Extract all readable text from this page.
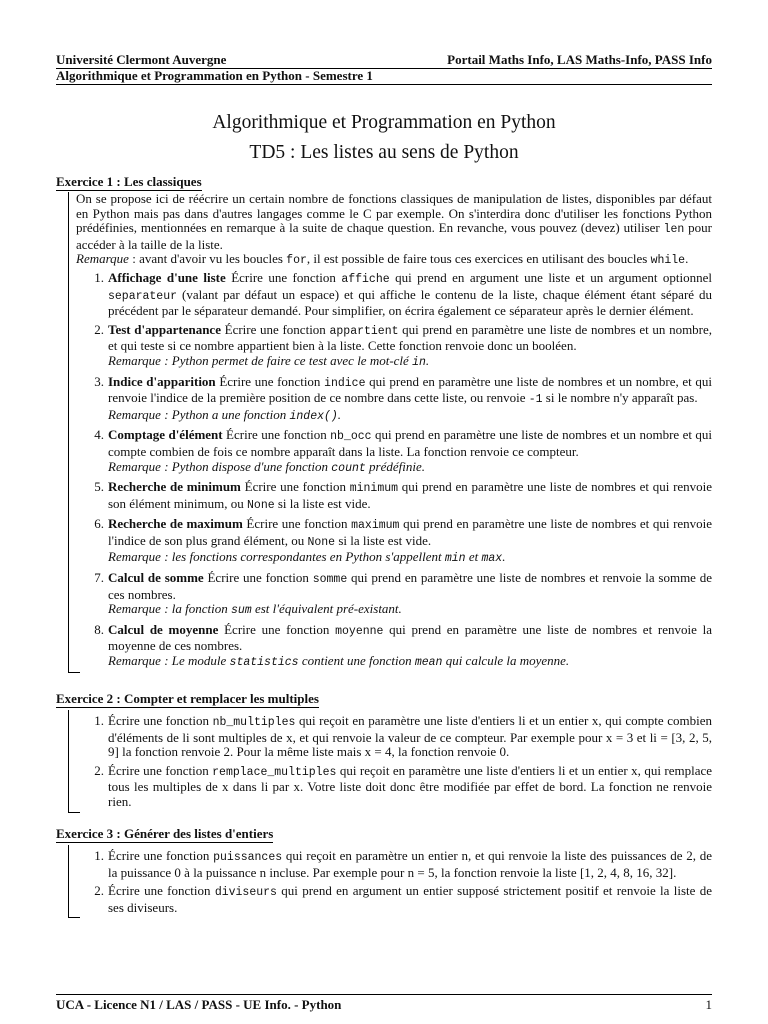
Université Clermont Auvergne	Portail Maths Info, LAS Maths-Info, PASS Info
Algorithmique et Programmation en Python - Semestre 1
Algorithmique et Programmation en Python
TD5 : Les listes au sens de Python
Exercice 1 : Les classiques
On se propose ici de réécrire un certain nombre de fonctions classiques de manipulation de listes, disponibles par défaut en Python mais pas dans d'autres langages comme le C par exemple. On s'interdira donc d'utiliser les fonctions Python prédéfinies, mentionnées en remarque à la suite de chaque question. En revanche, vous pouvez (devez) utiliser len pour accéder à la taille de la liste.
Remarque : avant d'avoir vu les boucles for, il est possible de faire tous ces exercices en utilisant des boucles while.
1. Affichage d'une liste Écrire une fonction affiche qui prend en argument une liste et un argument optionnel separateur (valant par défaut un espace) et qui affiche le contenu de la liste, chaque élément étant séparé du précédent par le séparateur demandé. Pour simplifier, on écrira également ce séparateur après le dernier élément.
2. Test d'appartenance Écrire une fonction appartient qui prend en paramètre une liste de nombres et un nombre, et qui teste si ce nombre appartient bien à la liste. Cette fonction renvoie donc un booléen.
Remarque : Python permet de faire ce test avec le mot-clé in.
3. Indice d'apparition Écrire une fonction indice qui prend en paramètre une liste de nombres et un nombre, et qui renvoie l'indice de la première position de ce nombre dans cette liste, ou renvoie -1 si le nombre n'y apparaît pas.
Remarque : Python a une fonction index().
4. Comptage d'élément Écrire une fonction nb_occ qui prend en paramètre une liste de nombres et un nombre et qui compte combien de fois ce nombre apparaît dans la liste. La fonction renvoie ce compteur.
Remarque : Python dispose d'une fonction count prédéfinie.
5. Recherche de minimum Écrire une fonction minimum qui prend en paramètre une liste de nombres et qui renvoie son élément minimum, ou None si la liste est vide.
6. Recherche de maximum Écrire une fonction maximum qui prend en paramètre une liste de nombres et qui renvoie l'indice de son plus grand élément, ou None si la liste est vide.
Remarque : les fonctions correspondantes en Python s'appellent min et max.
7. Calcul de somme Écrire une fonction somme qui prend en paramètre une liste de nombres et renvoie la somme de ces nombres.
Remarque : la fonction sum est l'équivalent pré-existant.
8. Calcul de moyenne Écrire une fonction moyenne qui prend en paramètre une liste de nombres et renvoie la moyenne de ces nombres.
Remarque : Le module statistics contient une fonction mean qui calcule la moyenne.
Exercice 2 : Compter et remplacer les multiples
1. Écrire une fonction nb_multiples qui reçoit en paramètre une liste d'entiers li et un entier x, qui compte combien d'éléments de li sont multiples de x, et qui renvoie la valeur de ce compteur. Par exemple pour x = 3 et li = [3, 2, 5, 9] la fonction renvoie 2. Pour la même liste mais x = 4, la fonction renvoie 0.
2. Écrire une fonction remplace_multiples qui reçoit en paramètre une liste d'entiers li et un entier x, qui remplace tous les multiples de x dans li par x. Votre liste doit donc être modifiée par effet de bord. La fonction ne renvoie rien.
Exercice 3 : Générer des listes d'entiers
1. Écrire une fonction puissances qui reçoit en paramètre un entier n, et qui renvoie la liste des puissances de 2, de la puissance 0 à la puissance n incluse. Par exemple pour n = 5, la fonction renvoie la liste [1, 2, 4, 8, 16, 32].
2. Écrire une fonction diviseurs qui prend en argument un entier supposé strictement positif et renvoie la liste de ses diviseurs.
UCA - Licence N1 / LAS / PASS - UE Info. - Python	1
